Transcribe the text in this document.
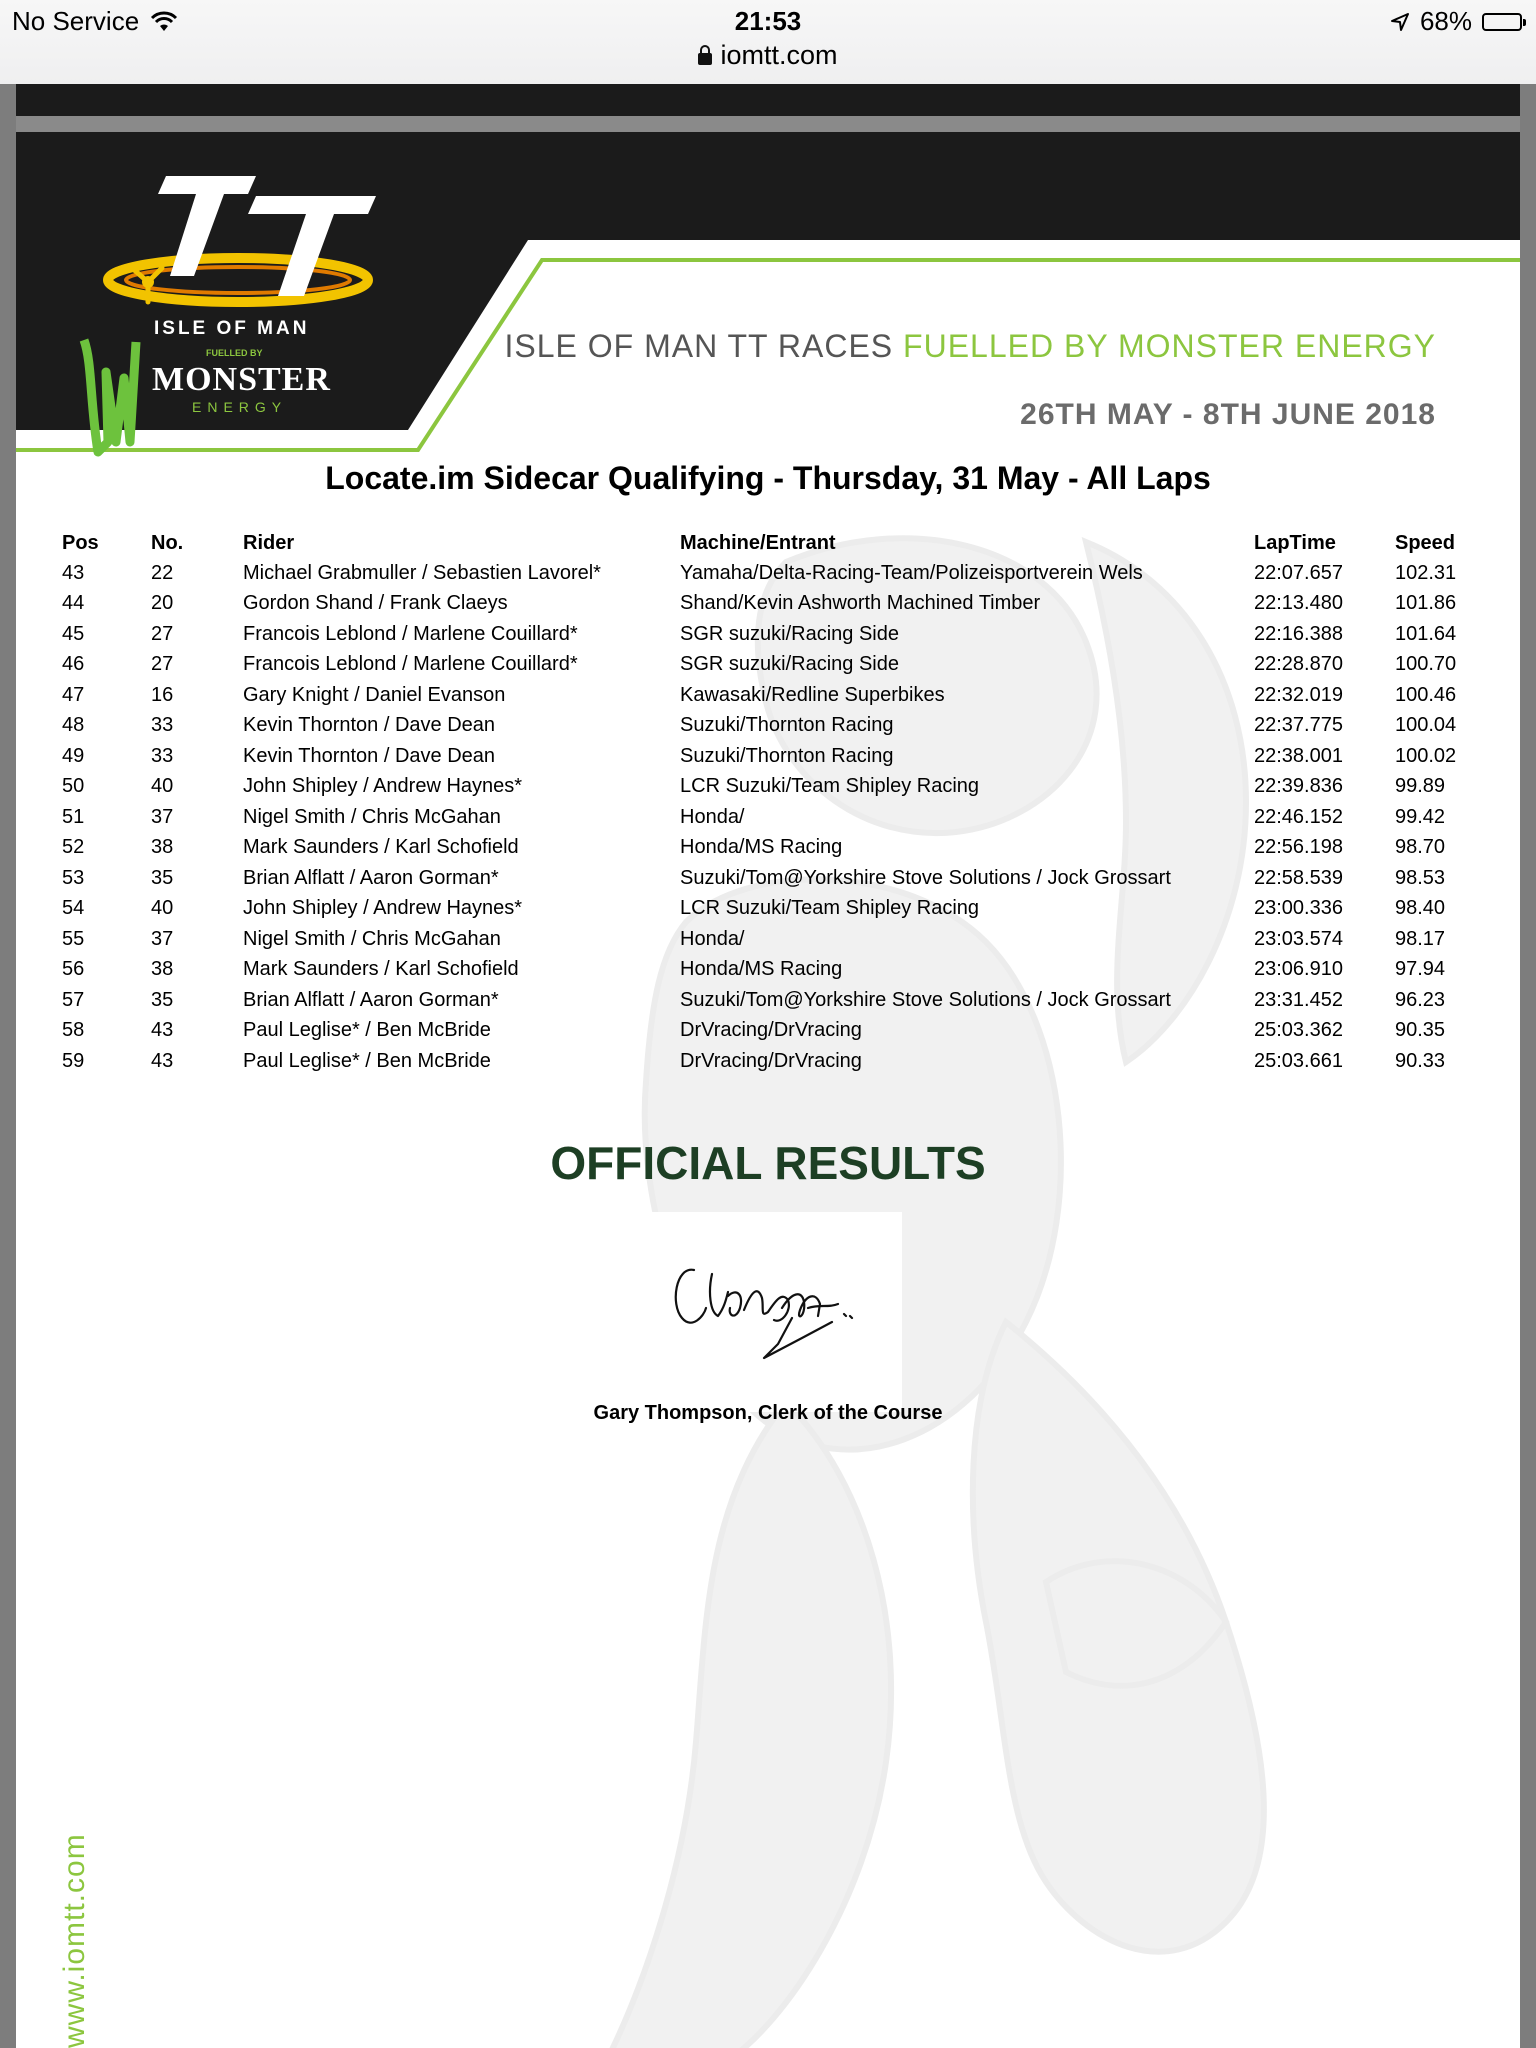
No Service	21:53	68%
iomtt.com
ISLE OF MAN
FUELLED BY
MONSTER
ENERGY
ISLE OF MAN TT RACES FUELLED BY MONSTER ENERGY
26TH MAY - 8TH JUNE 2018
Locate.im Sidecar Qualifying - Thursday, 31 May - All Laps
Pos	No.	Rider	Machine/Entrant	LapTime	Speed
43	22	Michael Grabmuller / Sebastien Lavorel*	Yamaha/Delta-Racing-Team/Polizeisportverein Wels	22:07.657	102.31
44	20	Gordon Shand / Frank Claeys	Shand/Kevin Ashworth Machined Timber	22:13.480	101.86
45	27	Francois Leblond / Marlene Couillard*	SGR suzuki/Racing Side	22:16.388	101.64
46	27	Francois Leblond / Marlene Couillard*	SGR suzuki/Racing Side	22:28.870	100.70
47	16	Gary Knight / Daniel Evanson	Kawasaki/Redline Superbikes	22:32.019	100.46
48	33	Kevin Thornton / Dave Dean	Suzuki/Thornton Racing	22:37.775	100.04
49	33	Kevin Thornton / Dave Dean	Suzuki/Thornton Racing	22:38.001	100.02
50	40	John Shipley / Andrew Haynes*	LCR Suzuki/Team Shipley Racing	22:39.836	99.89
51	37	Nigel Smith / Chris McGahan	Honda/	22:46.152	99.42
52	38	Mark Saunders / Karl Schofield	Honda/MS Racing	22:56.198	98.70
53	35	Brian Alflatt / Aaron Gorman*	Suzuki/Tom@Yorkshire Stove Solutions / Jock Grossart	22:58.539	98.53
54	40	John Shipley / Andrew Haynes*	LCR Suzuki/Team Shipley Racing	23:00.336	98.40
55	37	Nigel Smith / Chris McGahan	Honda/	23:03.574	98.17
56	38	Mark Saunders / Karl Schofield	Honda/MS Racing	23:06.910	97.94
57	35	Brian Alflatt / Aaron Gorman*	Suzuki/Tom@Yorkshire Stove Solutions / Jock Grossart	23:31.452	96.23
58	43	Paul Leglise* / Ben McBride	DrVracing/DrVracing	25:03.362	90.35
59	43	Paul Leglise* / Ben McBride	DrVracing/DrVracing	25:03.661	90.33
OFFICIAL RESULTS
Gary Thompson, Clerk of the Course
www.iomtt.com
